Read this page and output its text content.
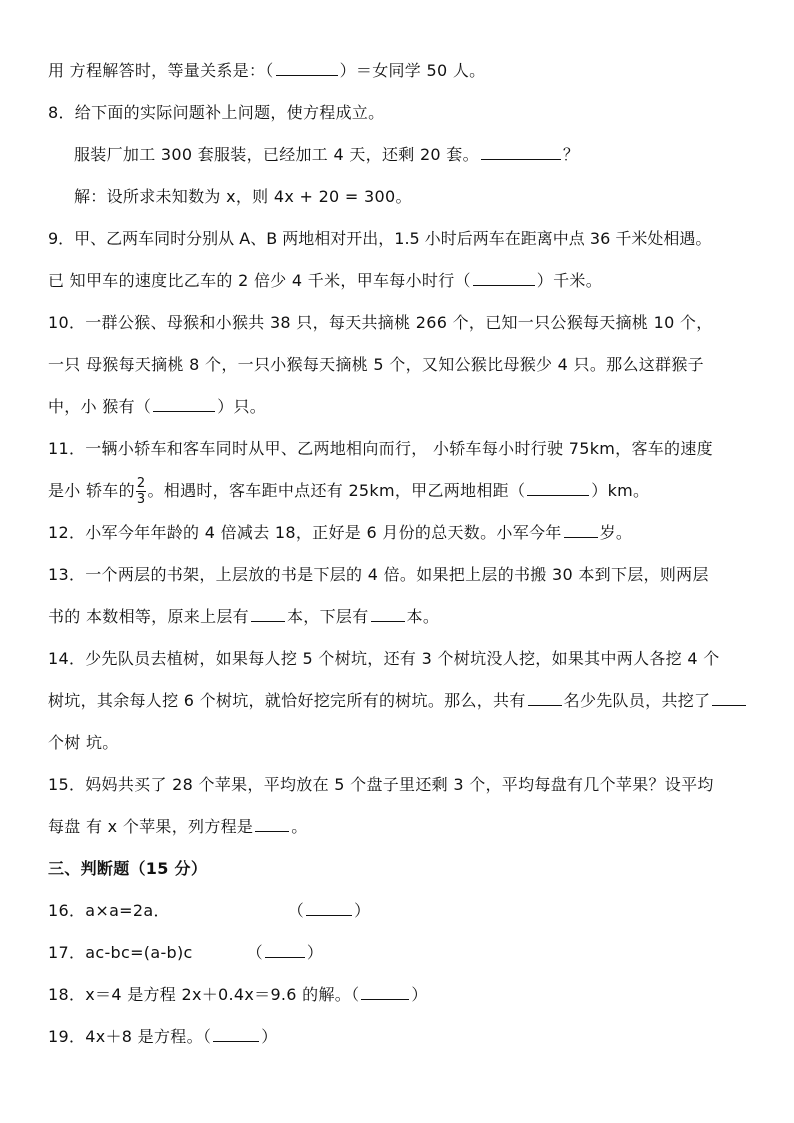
用 方程解答时，等量关系是：（	）＝女同学 50 人。
8．给下面的实际问题补上问题，使方程成立。
服装厂加工 300 套服装，已经加工 4 天，还剩 20 套。	？
解：设所求未知数为 x，则 4x + 20 = 300。
9．甲、乙两车同时分别从 A、B 两地相对开出，1.5 小时后两车在距离中点 36 千米处相遇。
已 知甲车的速度比乙车的 2 倍少 4 千米，甲车每小时行（	）千米。
10．一群公猴、母猴和小猴共 38 只，每天共摘桃 266 个，已知一只公猴每天摘桃 10 个，
一只 母猴每天摘桃 8 个，一只小猴每天摘桃 5 个，又知公猴比母猴少 4 只。那么这群猴子
中，小 猴有（	）只。
11．一辆小轿车和客车同时从甲、乙两地相向而行， 小轿车每小时行驶 75km，客车的速度
是小 轿车的 $\frac{2}{3}$ 。相遇时，客车距中点还有 25km，甲乙两地相距（	）km。
12．小军今年年龄的 4 倍减去 18，正好是 6 月份的总天数。小军今年 岁。
13．一个两层的书架，上层放的书是下层的 4 倍。如果把上层的书搬 30 本到下层，则两层
书的 本数相等，原来上层有 本，下层有 本。
14．少先队员去植树，如果每人挖 5 个树坑，还有 3 个树坑没人挖，如果其中两人各挖 4 个
树坑，其余每人挖 6 个树坑，就恰好挖完所有的树坑。那么，共有 名少先队员，共挖了
个树 坑。
15．妈妈共买了 28 个苹果，平均放在 5 个盘子里还剩 3 个，平均每盘有几个苹果？设平均
每盘 有 x 个苹果，列方程是 。
三、判断题（15 分）
16．a×a=2a．	（	）
17．ac-bc=(a-b)c	（	）
18．x＝4 是方程 2x＋0.4x＝9.6 的解。（	）
19．4x＋8 是方程。（	）
